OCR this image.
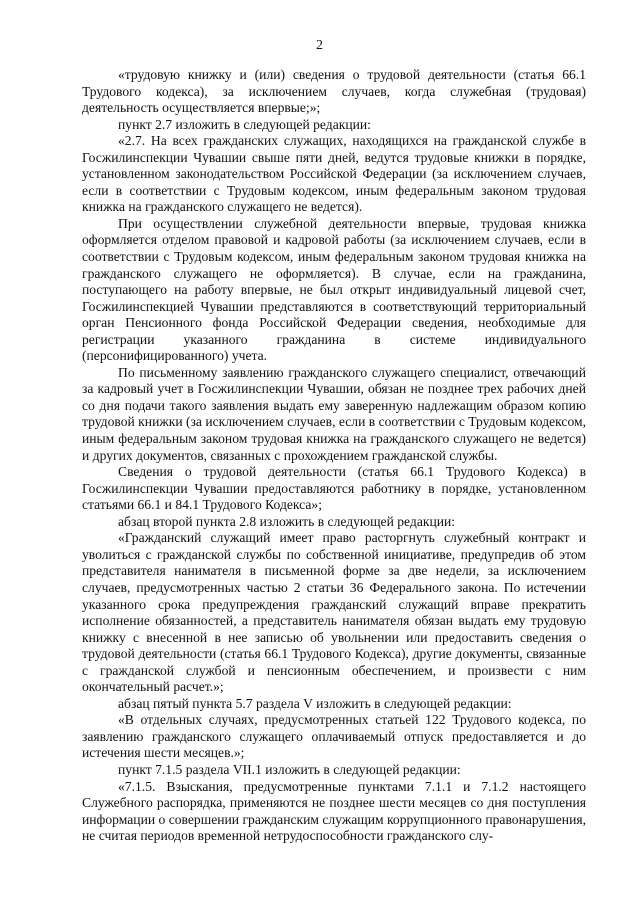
2

«трудовую книжку и (или) сведения о трудовой деятельности (статья 66.1 Трудового кодекса), за исключением случаев, когда служебная (трудовая) деятельность осуществляется впервые;»;

пункт 2.7 изложить в следующей редакции:

«2.7. На всех гражданских служащих, находящихся на гражданской службе в Госжилинспекции Чувашии свыше пяти дней, ведутся трудовые книжки в порядке, установленном законодательством Российской Федерации (за исключением случаев, если в соответствии с Трудовым кодексом, иным федеральным законом трудовая книжка на гражданского служащего не ведется).

При осуществлении служебной деятельности впервые, трудовая книжка оформляется отделом правовой и кадровой работы (за исключением случаев, если в соответствии с Трудовым кодексом, иным федеральным законом трудовая книжка на гражданского служащего не оформляется). В случае, если на гражданина, поступающего на работу впервые, не был открыт индивидуальный лицевой счет, Госжилинспекцией Чувашии представляются в соответствующий территориальный орган Пенсионного фонда Российской Федерации сведения, необходимые для регистрации указанного гражданина в системе индивидуального (персонифицированного) учета.

По письменному заявлению гражданского служащего специалист, отвечающий за кадровый учет в Госжилинспекции Чувашии, обязан не позднее трех рабочих дней со дня подачи такого заявления выдать ему заверенную надлежащим образом копию трудовой книжки (за исключением случаев, если в соответствии с Трудовым кодексом, иным федеральным законом трудовая книжка на гражданского служащего не ведется) и других документов, связанных с прохождением гражданской службы.

Сведения о трудовой деятельности (статья 66.1 Трудового Кодекса) в Госжилинспекции Чувашии предоставляются работнику в порядке, установленном статьями 66.1 и 84.1 Трудового Кодекса»;

абзац второй пункта 2.8 изложить в следующей редакции:

«Гражданский служащий имеет право расторгнуть служебный контракт и уволиться с гражданской службы по собственной инициативе, предупредив об этом представителя нанимателя в письменной форме за две недели, за исключением случаев, предусмотренных частью 2 статьи 36 Федерального закона. По истечении указанного срока предупреждения гражданский служащий вправе прекратить исполнение обязанностей, а представитель нанимателя обязан выдать ему трудовую книжку с внесенной в нее записью об увольнении или предоставить сведения о трудовой деятельности (статья 66.1 Трудового Кодекса), другие документы, связанные с гражданской службой и пенсионным обеспечением, и произвести с ним окончательный расчет.»;

абзац пятый пункта 5.7 раздела V изложить в следующей редакции:

«В отдельных случаях, предусмотренных статьей 122 Трудового кодекса, по заявлению гражданского служащего оплачиваемый отпуск предоставляется и до истечения шести месяцев.»;

пункт 7.1.5 раздела VII.1 изложить в следующей редакции:

«7.1.5. Взыскания, предусмотренные пунктами 7.1.1 и 7.1.2 настоящего Служебного распорядка, применяются не позднее шести месяцев со дня поступления информации о совершении гражданским служащим коррупционного правонарушения, не считая периодов временной нетрудоспособности гражданского слу-
